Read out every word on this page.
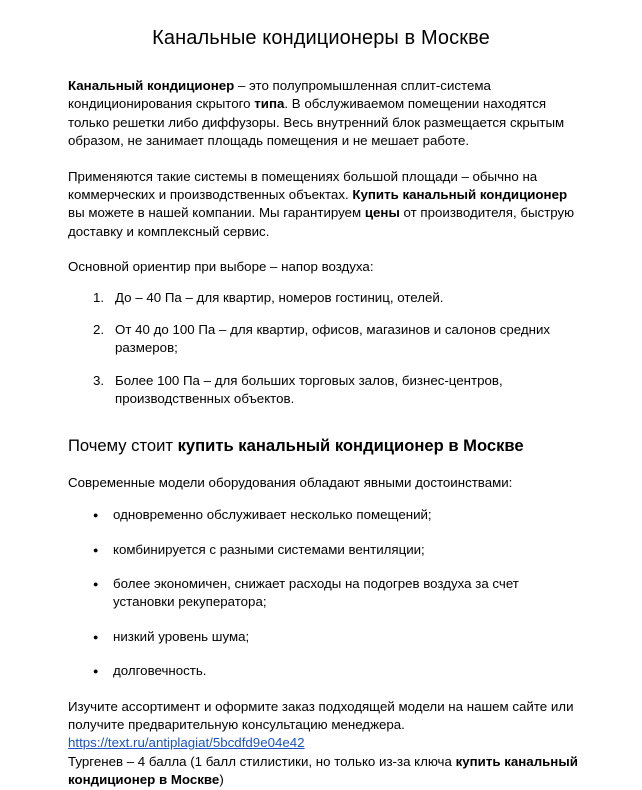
Канальные кондиционеры в Москве

Канальный кондиционер – это полупромышленная сплит-система кондиционирования скрытого типа. В обслуживаемом помещении находятся только решетки либо диффузоры. Весь внутренний блок размещается скрытым образом, не занимает площадь помещения и не мешает работе.

Применяются такие системы в помещениях большой площади – обычно на коммерческих и производственных объектах. Купить канальный кондиционер вы можете в нашей компании. Мы гарантируем цены от производителя, быструю доставку и комплексный сервис.

Основной ориентир при выборе – напор воздуха:

До – 40 Па – для квартир, номеров гостиниц, отелей.
От 40 до 100 Па – для квартир, офисов, магазинов и салонов средних размеров;
Более 100 Па – для больших торговых залов, бизнес-центров, производственных объектов.
Почему стоит купить канальный кондиционер в Москве

Современные модели оборудования обладают явными достоинствами:

● одновременно обслуживает несколько помещений;
● комбинируется с разными системами вентиляции;
● более экономичен, снижает расходы на подогрев воздуха за счет установки рекуператора;
● низкий уровень шума;
● долговечность.

Изучите ассортимент и оформите заказ подходящей модели на нашем сайте или получите предварительную консультацию менеджера.

https://text.ru/antiplagiat/5bcdfd9e04e42

Тургенев – 4 балла (1 балл стилистики, но только из-за ключа купить канальный кондиционер в Москве)
